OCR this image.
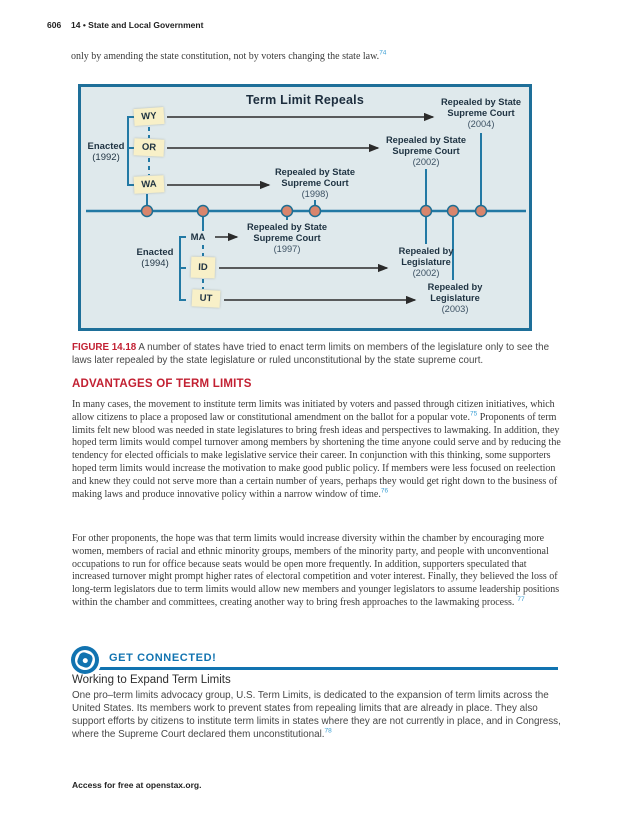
606 14 • State and Local Government
only by amending the state constitution, not by voters changing the state law.$^{74}$
Term Limit Repeals
Enacted
(1992)
Enacted
(1994)
WY
OR
WA
MA
ID
UT
Repealed by State
Supreme Court
(2004)
Repealed by State
Supreme Court
(2002)
Repealed by State
Supreme Court
(1998)
Repealed by State
Supreme Court
(1997)	Repealed by
Legislature
(2002)
Repealed by
Legislature
(2003)
FIGURE 14.18 A number of states have tried to enact term limits on members of the legislature only to see the laws later repealed by the state legislature or ruled unconstitutional by the state supreme court.
ADVANTAGES OF TERM LIMITS
In many cases, the movement to institute term limits was initiated by voters and passed through citizen initiatives, which allow citizens to place a proposed law or constitutional amendment on the ballot for a popular vote.$^{75}$ Proponents of term limits felt new blood was needed in state legislatures to bring fresh ideas and perspectives to lawmaking. In addition, they hoped term limits would compel turnover among members by shortening the time anyone could serve and by reducing the tendency for elected officials to make legislative service their career. In conjunction with this thinking, some supporters hoped term limits would increase the motivation to make good public policy. If members were less focused on reelection and knew they could not serve more than a certain number of years, perhaps they would get right down to the business of making laws and produce innovative policy within a narrow window of time.$^{76}$
For other proponents, the hope was that term limits would increase diversity within the chamber by encouraging more women, members of racial and ethnic minority groups, members of the minority party, and people with unconventional occupations to run for office because seats would be open more frequently. In addition, supporters speculated that increased turnover might prompt higher rates of electoral competition and voter interest. Finally, they believed the loss of long-term legislators due to term limits would allow new members and younger legislators to assume leadership positions within the chamber and committees, creating another way to bring fresh approaches to the lawmaking process. $^{77}$
GET CONNECTED!
Working to Expand Term Limits
One pro–term limits advocacy group, U.S. Term Limits, is dedicated to the expansion of term limits across the United States. Its members work to prevent states from repealing limits that are already in place. They also support efforts by citizens to institute term limits in states where they are not currently in place, and in Congress, where the Supreme Court declared them unconstitutional.$^{78}$
Access for free at openstax.org.
